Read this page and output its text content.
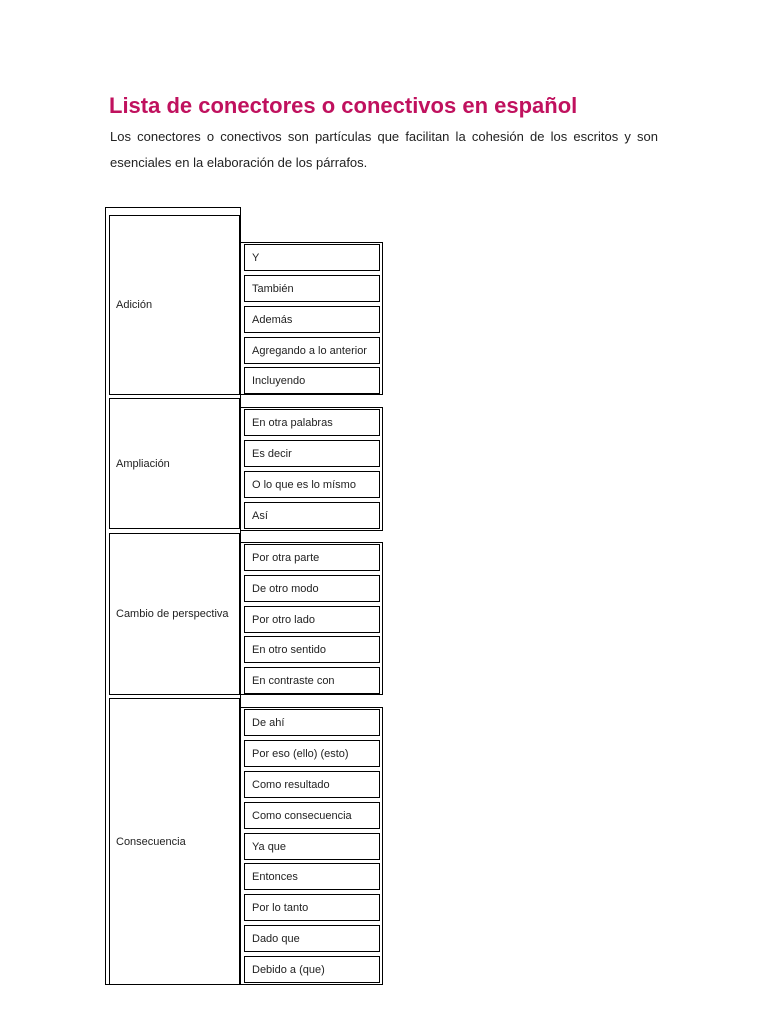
Lista de conectores o conectivos en español

Los conectores o conectivos son partículas que facilitan la cohesión de los escritos y son esenciales en la elaboración de los párrafos.

Adición
Y
También
Además
Agregando a lo anterior
Incluyendo
Ampliación
En otra palabras
Es decir
O lo que es lo mísmo
Así
Cambio de perspectiva
Por otra parte
De otro modo
Por otro lado
En otro sentido
En contraste con
Consecuencia
De ahí
Por eso (ello) (esto)
Como resultado
Como consecuencia
Ya que
Entonces
Por lo tanto
Dado que
Debido a (que)
